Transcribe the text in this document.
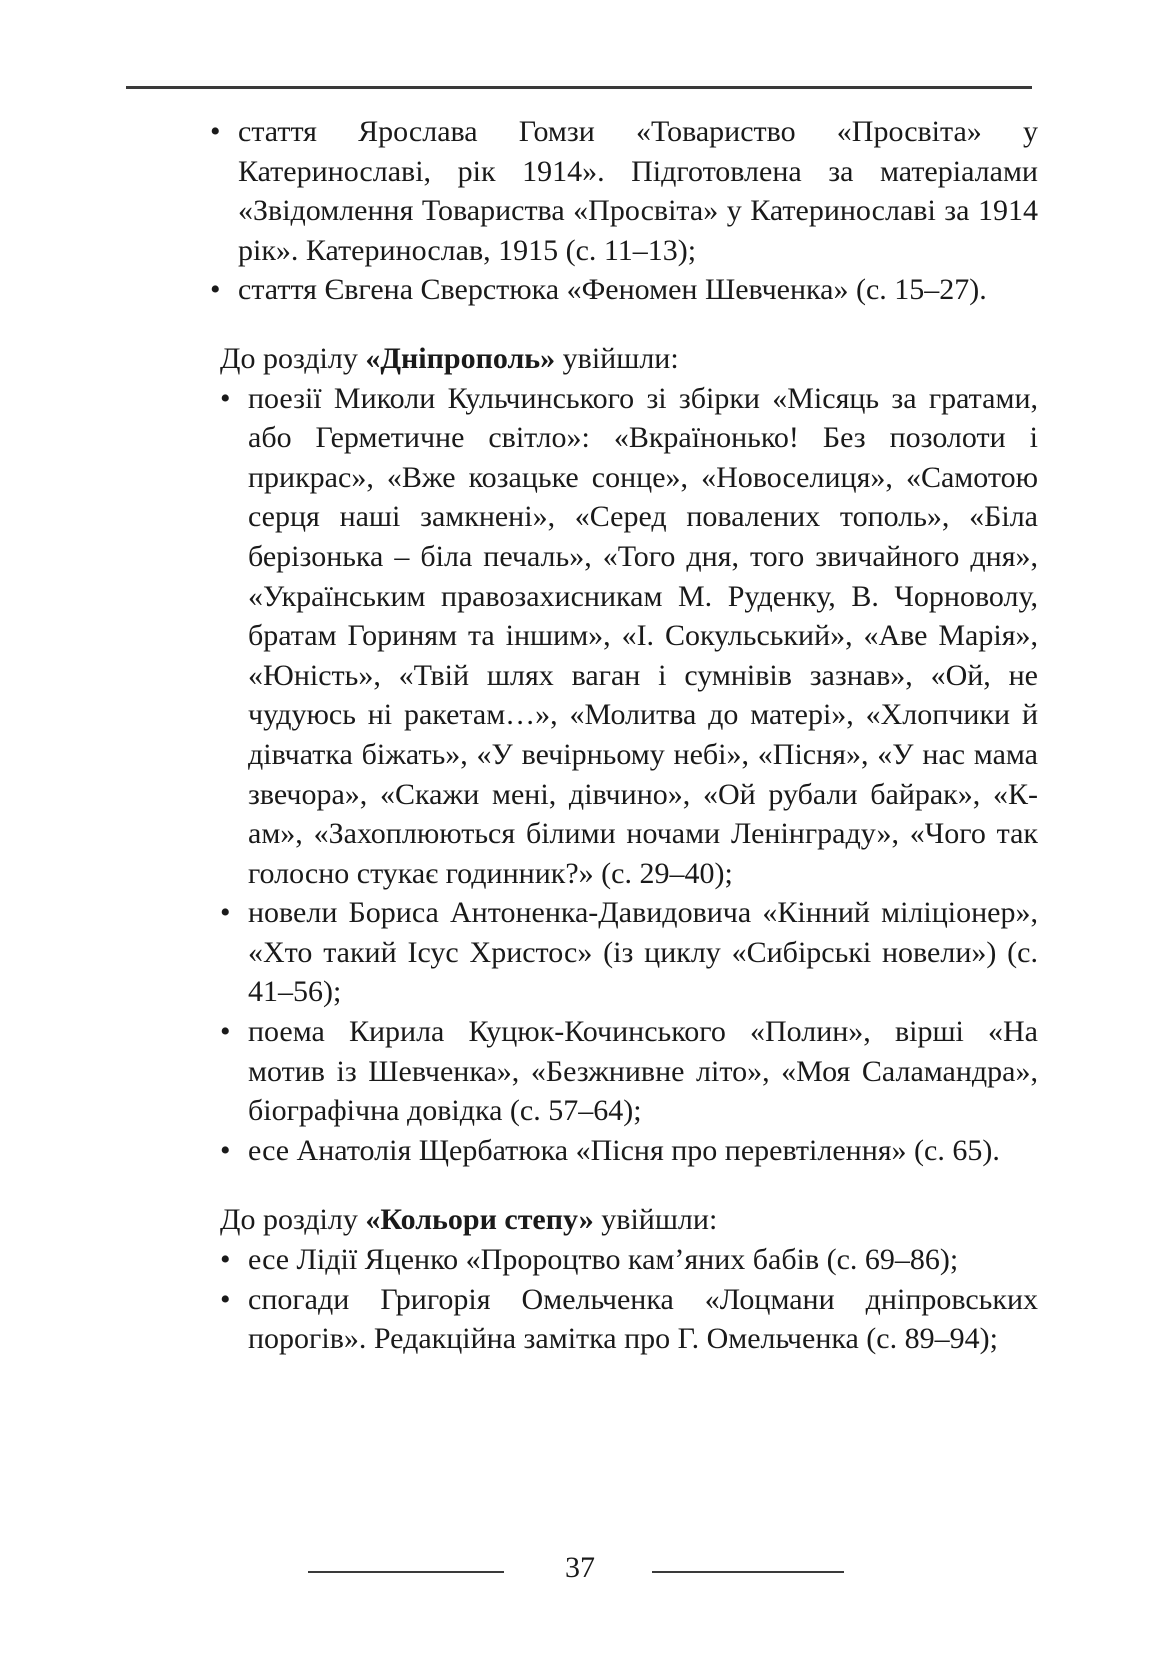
• стаття Ярослава Гомзи «Товариство «Просвіта» у Катеринославі, рік 1914». Підготовлена за матеріалами «Звідомлення Товариства «Просвіта» у Катеринославі за 1914 рік». Катеринослав, 1915 (с. 11–13);
• стаття Євгена Сверстюка «Феномен Шевченка» (с. 15–27).
До розділу «Дніпрополь» увійшли:
• поезії Миколи Кульчинського зі збірки «Місяць за гратами, або Герметичне світло»: «Вкраїнонько! Без позолоти і прикрас», «Вже козацьке сонце», «Новоселиця», «Самотою серця наші замкнені», «Серед повалених тополь», «Біла берізонька – біла печаль», «Того дня, того звичайного дня», «Українським правозахисникам М. Руденку, В. Чорноволу, братам Гориням та іншим», «І. Сокульський», «Аве Марія», «Юність», «Твій шлях ваган і сумнівів зазнав», «Ой, не чудуюсь ні ракетам…», «Молитва до матері», «Хлопчики й дівчатка біжать», «У вечірньому небі», «Пісня», «У нас мама звечора», «Скажи мені, дівчино», «Ой рубали байрак», «К-ам», «Захоплюються білими ночами Ленінграду», «Чого так голосно стукає годинник?» (с. 29–40);
• новели Бориса Антоненка-Давидовича «Кінний міліціонер», «Хто такий Ісус Христос» (із циклу «Сибірські новели») (с. 41–56);
• поема Кирила Куцюк-Кочинського «Полин», вірші «На мотив із Шевченка», «Безжнивне літо», «Моя Саламандра», біографічна довідка (с. 57–64);
• есе Анатолія Щербатюка «Пісня про перевтілення» (с. 65).
До розділу «Кольори степу» увійшли:
• есе Лідії Яценко «Пророцтво кам’яних бабів (с. 69–86);
• спогади Григорія Омельченка «Лоцмани дніпровських порогів». Редакційна замітка про Г. Омельченка (с. 89–94);
37
